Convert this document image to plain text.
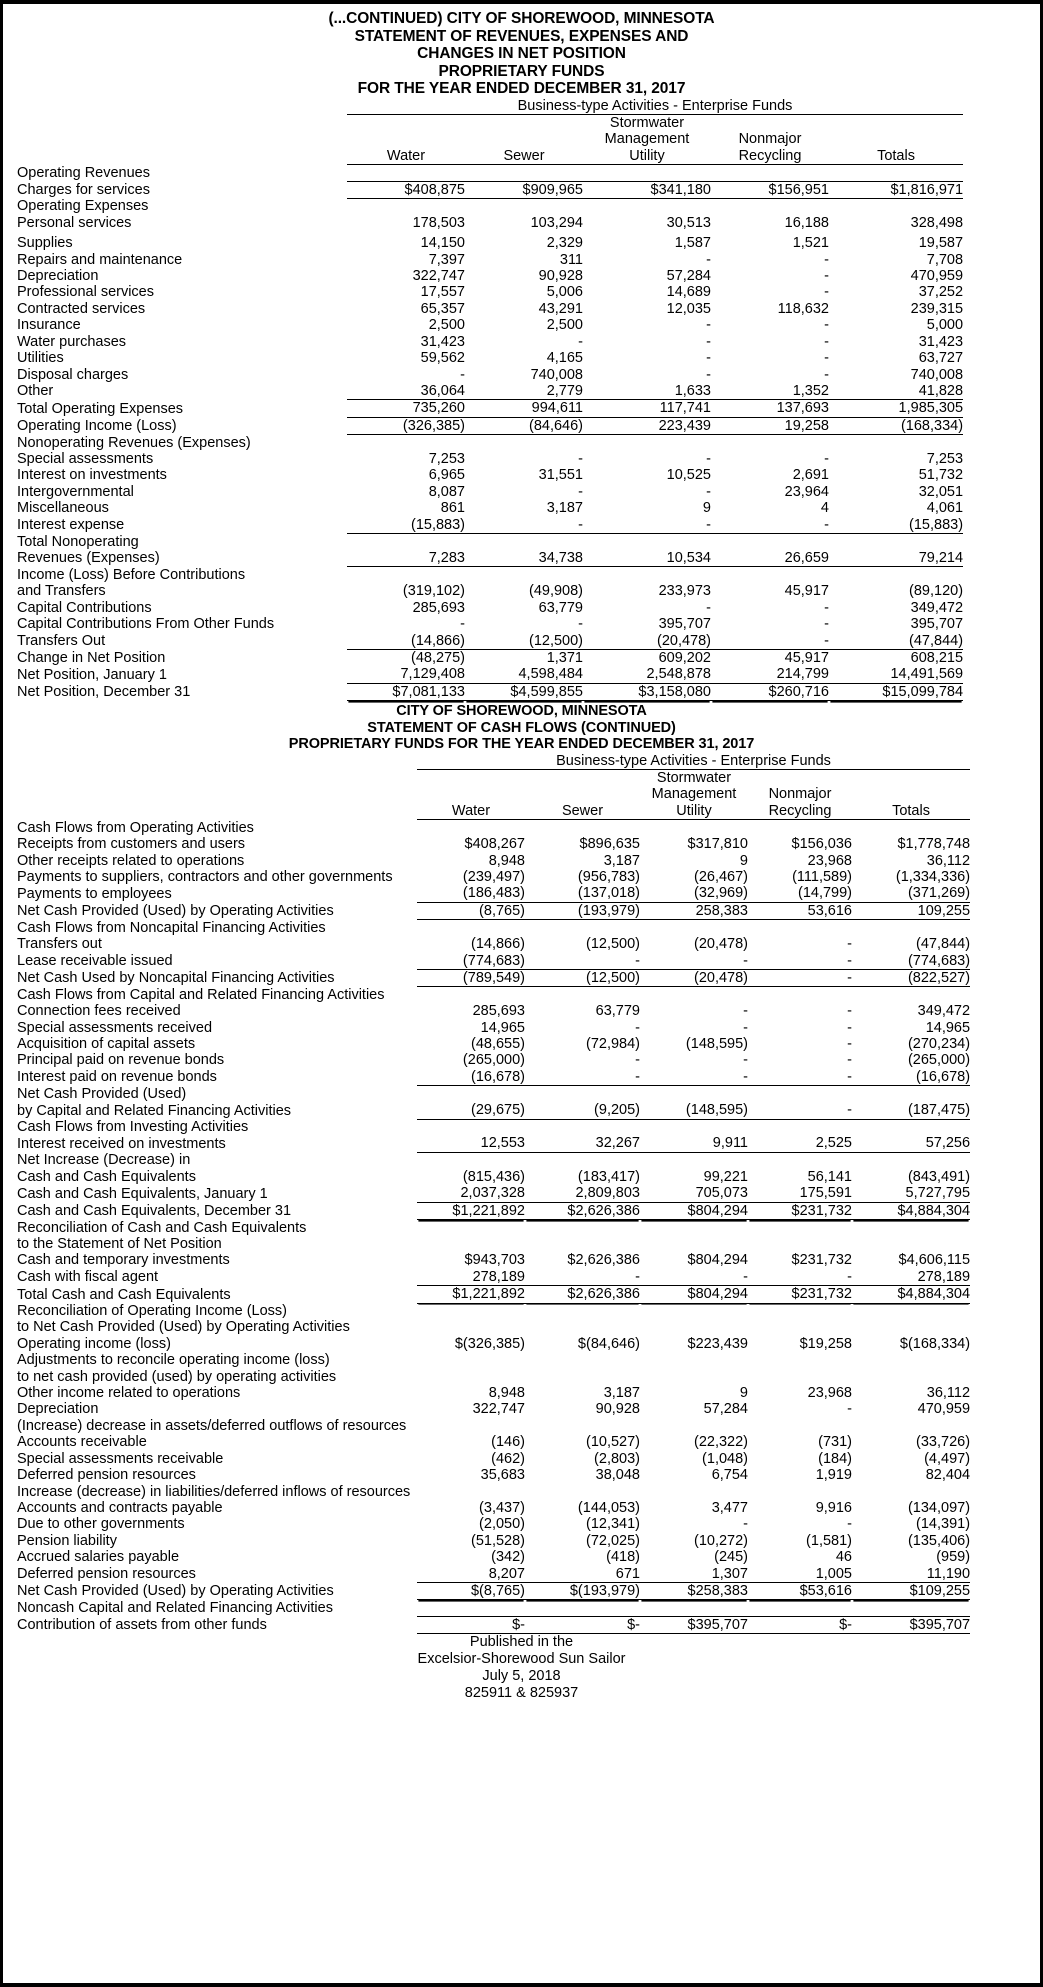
(...CONTINUED) CITY OF SHOREWOOD, MINNESOTA
STATEMENT OF REVENUES, EXPENSES AND
CHANGES IN NET POSITION
PROPRIETARY FUNDS
FOR THE YEAR ENDED DECEMBER 31, 2017
	Business-type Activities - Enterprise Funds					
			Stormwater			
			Management	Nonmajor		
	Water	Sewer	Utility	Recycling	Totals	
Operating Revenues						
Charges for services	$408,875	$909,965	$341,180	$156,951	$1,816,971	
Operating Expenses						
Personal services	178,503	103,294	30,513	16,188	328,498	

Supplies	14,150	2,329	1,587	1,521	19,587	
Repairs and maintenance	7,397	311	-	-	7,708	
Depreciation	322,747	90,928	57,284	-	470,959	
Professional services	17,557	5,006	14,689	-	37,252	
Contracted services	65,357	43,291	12,035	118,632	239,315	
Insurance	2,500	2,500	-	-	5,000	
Water purchases	31,423	-	-	-	31,423	
Utilities	59,562	4,165	-	-	63,727	
Disposal charges	-	740,008	-	-	740,008	
Other	36,064	2,779	1,633	1,352	41,828	
Total Operating Expenses	735,260	994,611	117,741	137,693	1,985,305	
Operating Income (Loss)	(326,385)	(84,646)	223,439	19,258	(168,334)	
Nonoperating Revenues (Expenses)						
Special assessments	7,253	-	-	-	7,253	
Interest on investments	6,965	31,551	10,525	2,691	51,732	
Intergovernmental	8,087	-	-	23,964	32,051	
Miscellaneous	861	3,187	9	4	4,061	
Interest expense	(15,883)	-	-	-	(15,883)	
Total Nonoperating						
Revenues (Expenses)	7,283	34,738	10,534	26,659	79,214	
Income (Loss) Before Contributions						
and Transfers	(319,102)	(49,908)	233,973	45,917	(89,120)	
Capital Contributions	285,693	63,779	-	-	349,472	
Capital Contributions From Other Funds	-	-	395,707	-	395,707	
Transfers Out	(14,866)	(12,500)	(20,478)	-	(47,844)	
Change in Net Position	(48,275)	1,371	609,202	45,917	608,215	
Net Position, January 1	7,129,408	4,598,484	2,548,878	214,799	14,491,569	
Net Position, December 31	$7,081,133	$4,599,855	$3,158,080	$260,716	$15,099,784	
CITY OF SHOREWOOD, MINNESOTA
STATEMENT OF CASH FLOWS (CONTINUED)
PROPRIETARY FUNDS FOR THE YEAR ENDED DECEMBER 31, 2017
	Business-type Activities - Enterprise Funds					
			Stormwater			
			Management	Nonmajor		
	Water	Sewer	Utility	Recycling	Totals	
Cash Flows from Operating Activities						
Receipts from customers and users	$408,267	$896,635	$317,810	$156,036	$1,778,748	
Other receipts related to operations	8,948	3,187	9	23,968	36,112	
Payments to suppliers, contractors and other governments	(239,497)	(956,783)	(26,467)	(111,589)	(1,334,336)	
Payments to employees	(186,483)	(137,018)	(32,969)	(14,799)	(371,269)	
Net Cash Provided (Used) by Operating Activities	(8,765)	(193,979)	258,383	53,616	109,255	
Cash Flows from Noncapital Financing Activities						
Transfers out	(14,866)	(12,500)	(20,478)	-	(47,844)	
Lease receivable issued	(774,683)	-	-	-	(774,683)	
Net Cash Used by Noncapital Financing Activities	(789,549)	(12,500)	(20,478)	-	(822,527)	
Cash Flows from Capital and Related Financing Activities						
Connection fees received	285,693	63,779	-	-	349,472	
Special assessments received	14,965	-	-	-	14,965	
Acquisition of capital assets	(48,655)	(72,984)	(148,595)	-	(270,234)	
Principal paid on revenue bonds	(265,000)	-	-	-	(265,000)	
Interest paid on revenue bonds	(16,678)	-	-	-	(16,678)	
Net Cash Provided (Used)						
by Capital and Related Financing Activities	(29,675)	(9,205)	(148,595)	-	(187,475)	
Cash Flows from Investing Activities						
Interest received on investments	12,553	32,267	9,911	2,525	57,256	
Net Increase (Decrease) in						
Cash and Cash Equivalents	(815,436)	(183,417)	99,221	56,141	(843,491)	
Cash and Cash Equivalents, January 1	2,037,328	2,809,803	705,073	175,591	5,727,795	
Cash and Cash Equivalents, December 31	$1,221,892	$2,626,386	$804,294	$231,732	$4,884,304	
Reconciliation of Cash and Cash Equivalents						
to the Statement of Net Position						
Cash and temporary investments	$943,703	$2,626,386	$804,294	$231,732	$4,606,115	
Cash with fiscal agent	278,189	-	-	-	278,189	
Total Cash and Cash Equivalents	$1,221,892	$2,626,386	$804,294	$231,732	$4,884,304	
Reconciliation of Operating Income (Loss)						
to Net Cash Provided (Used) by Operating Activities						
Operating income (loss)	$(326,385)	$(84,646)	$223,439	$19,258	$(168,334)	
Adjustments to reconcile operating income (loss)						
to net cash provided (used) by operating activities						
Other income related to operations	8,948	3,187	9	23,968	36,112	
Depreciation	322,747	90,928	57,284	-	470,959	
(Increase) decrease in assets/deferred outflows of resources						
Accounts receivable	(146)	(10,527)	(22,322)	(731)	(33,726)	
Special assessments receivable	(462)	(2,803)	(1,048)	(184)	(4,497)	
Deferred pension resources	35,683	38,048	6,754	1,919	82,404	
Increase (decrease) in liabilities/deferred inflows of resources						
Accounts and contracts payable	(3,437)	(144,053)	3,477	9,916	(134,097)	
Due to other governments	(2,050)	(12,341)	-	-	(14,391)	
Pension liability	(51,528)	(72,025)	(10,272)	(1,581)	(135,406)	
Accrued salaries payable	(342)	(418)	(245)	46	(959)	
Deferred pension resources	8,207	671	1,307	1,005	11,190	
Net Cash Provided (Used) by Operating Activities	$(8,765)	$(193,979)	$258,383	$53,616	$109,255	
Noncash Capital and Related Financing Activities						
Contribution of assets from other funds	$-	$-	$395,707	$-	$395,707	
Published in the
Excelsior-Shorewood Sun Sailor
July 5, 2018
825911 & 825937
